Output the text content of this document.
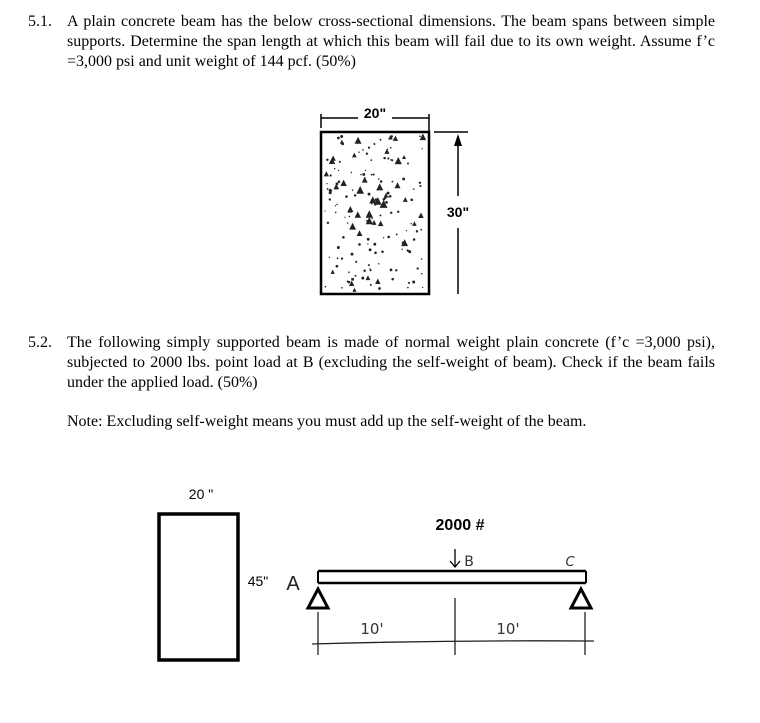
5.1. A plain concrete beam has the below cross-sectional dimensions. The beam spans between simple supports. Determine the span length at which this beam will fail due to its own weight. Assume f’c =3,000 psi and unit weight of 144 pcf. (50%)
5.2. The following simply supported beam is made of normal weight plain concrete (f’c =3,000 psi), subjected to 2000 lbs. point load at B (excluding the self-weight of beam). Check if the beam fails under the applied load. (50%)
Note: Excluding self-weight means you must add up the self-weight of the beam.
20"
30"
20 "
45"
2000 #
B
A
C
10'	10'
